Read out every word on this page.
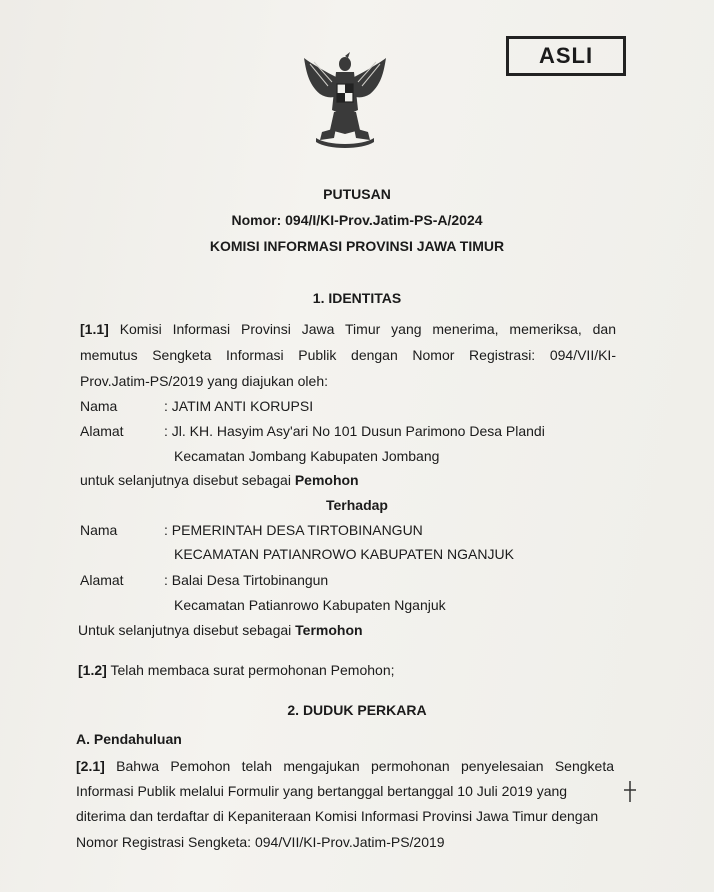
ASLI
PUTUSAN
Nomor: 094/I/KI-Prov.Jatim-PS-A/2024
KOMISI INFORMASI PROVINSI JAWA TIMUR
1. IDENTITAS
[1.1] Komisi Informasi Provinsi Jawa Timur yang menerima, memeriksa, dan
memutus Sengketa Informasi Publik dengan Nomor Registrasi: 094/VII/KI-
Prov.Jatim-PS/2019 yang diajukan oleh:
Nama	: JATIM ANTI KORUPSI
Alamat	: Jl. KH. Hasyim Asy'ari No 101 Dusun Parimono Desa Plandi
Kecamatan Jombang Kabupaten Jombang
untuk selanjutnya disebut sebagai Pemohon
Terhadap
Nama	: PEMERINTAH DESA TIRTOBINANGUN
KECAMATAN PATIANROWO KABUPATEN NGANJUK
Alamat	: Balai Desa Tirtobinangun
Kecamatan Patianrowo Kabupaten Nganjuk
Untuk selanjutnya disebut sebagai Termohon
[1.2] Telah membaca surat permohonan Pemohon;
2. DUDUK PERKARA
A. Pendahuluan
[2.1] Bahwa Pemohon telah mengajukan permohonan penyelesaian Sengketa
Informasi Publik melalui Formulir yang bertanggal bertanggal 10 Juli 2019 yang
diterima dan terdaftar di Kepaniteraan Komisi Informasi Provinsi Jawa Timur dengan
Nomor Registrasi Sengketa: 094/VII/KI-Prov.Jatim-PS/2019
